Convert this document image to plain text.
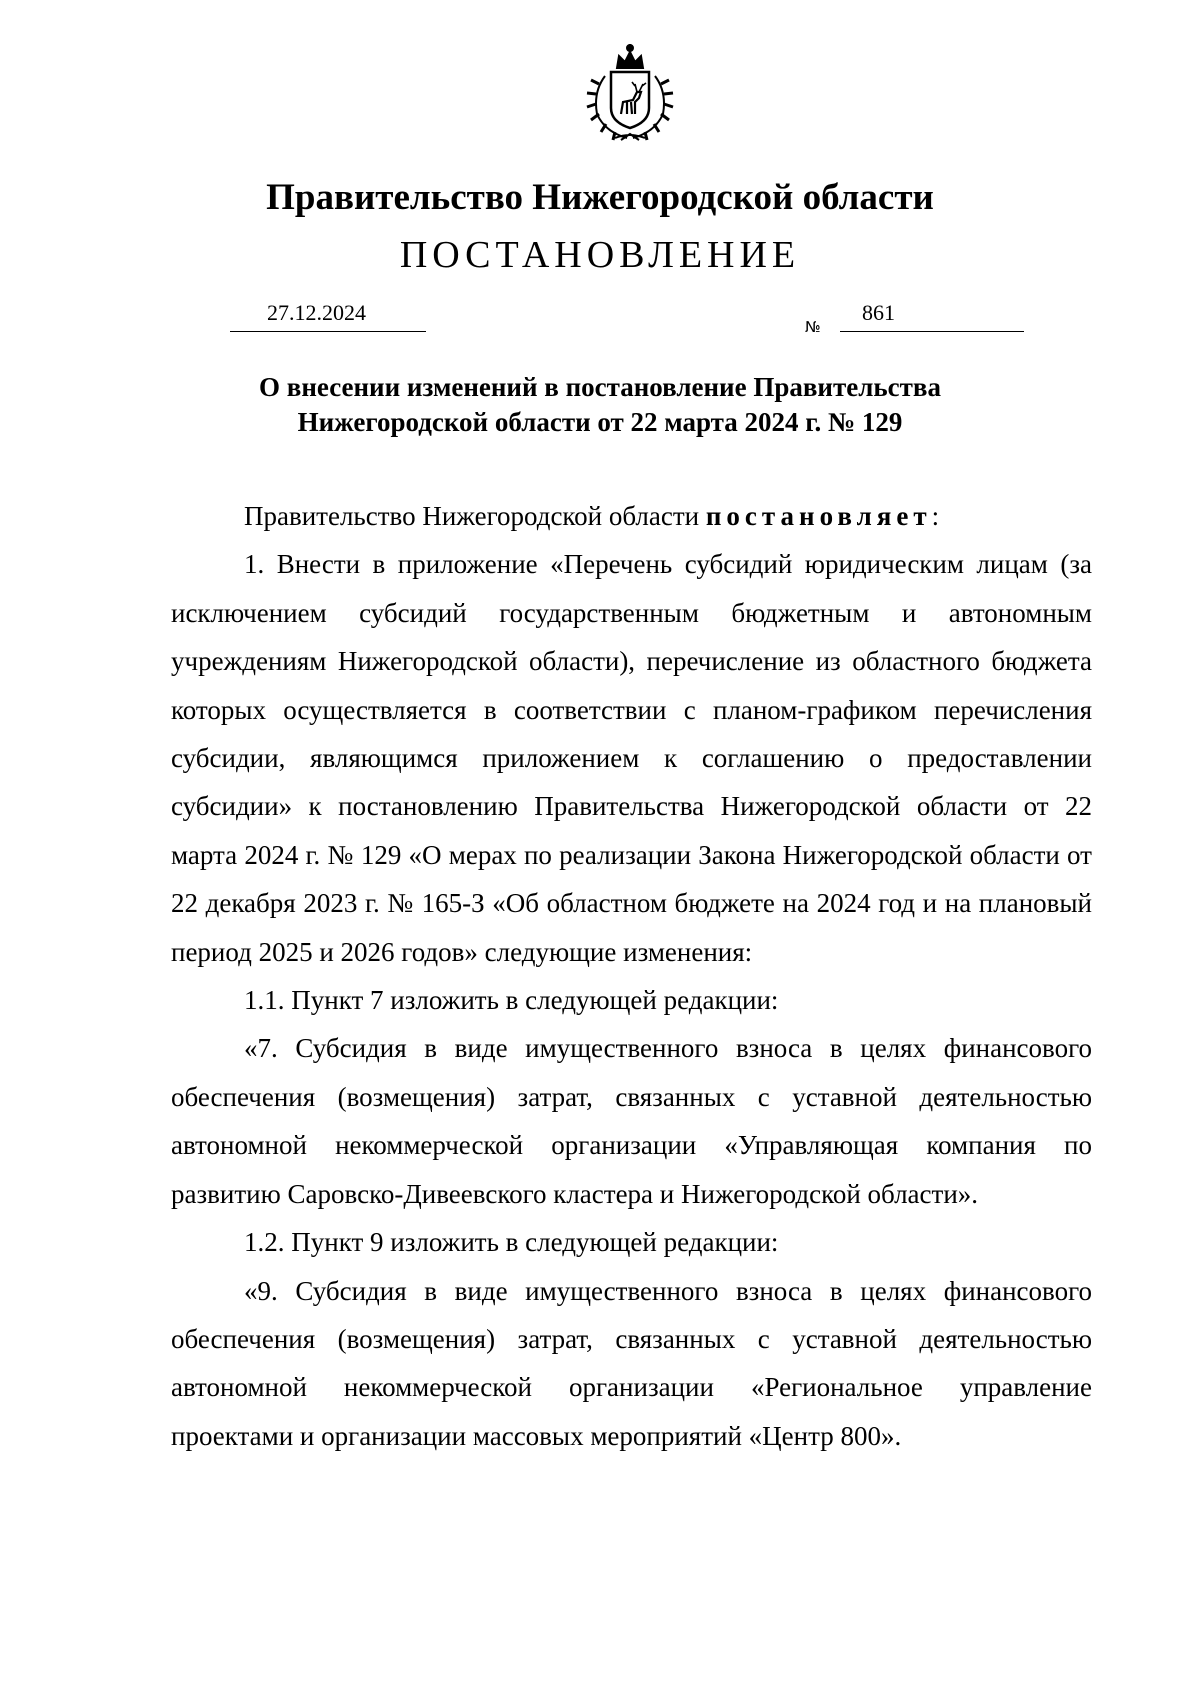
Правительство Нижегородской области
ПОСТАНОВЛЕНИЕ
27.12.2024
№
861
О внесении изменений в постановление Правительства
Нижегородской области от 22 марта 2024 г. № 129

Правительство Нижегородской области постановляет:

1. Внести в приложение «Перечень субсидий юридическим лицам (за исключением субсидий государственным бюджетным и автономным учреждениям Нижегородской области), перечисление из областного бюджета которых осуществляется в соответствии с планом-графиком перечисления субсидии, являющимся приложением к соглашению о предоставлении субсидии» к постановлению Правительства Нижегородской области от 22 марта 2024 г. № 129 «О мерах по реализации Закона Нижегородской области от 22 декабря 2023 г. № 165-З «Об областном бюджете на 2024 год и на плановый период 2025 и 2026 годов» следующие изменения:

1.1. Пункт 7 изложить в следующей редакции:

«7. Субсидия в виде имущественного взноса в целях финансового обеспечения (возмещения) затрат, связанных с уставной деятельностью автономной некоммерческой организации «Управляющая компания по развитию Саровско-Дивеевского кластера и Нижегородской области».

1.2. Пункт 9 изложить в следующей редакции:

«9. Субсидия в виде имущественного взноса в целях финансового обеспечения (возмещения) затрат, связанных с уставной деятельностью автономной некоммерческой организации «Региональное управление проектами и организации массовых мероприятий «Центр 800».
